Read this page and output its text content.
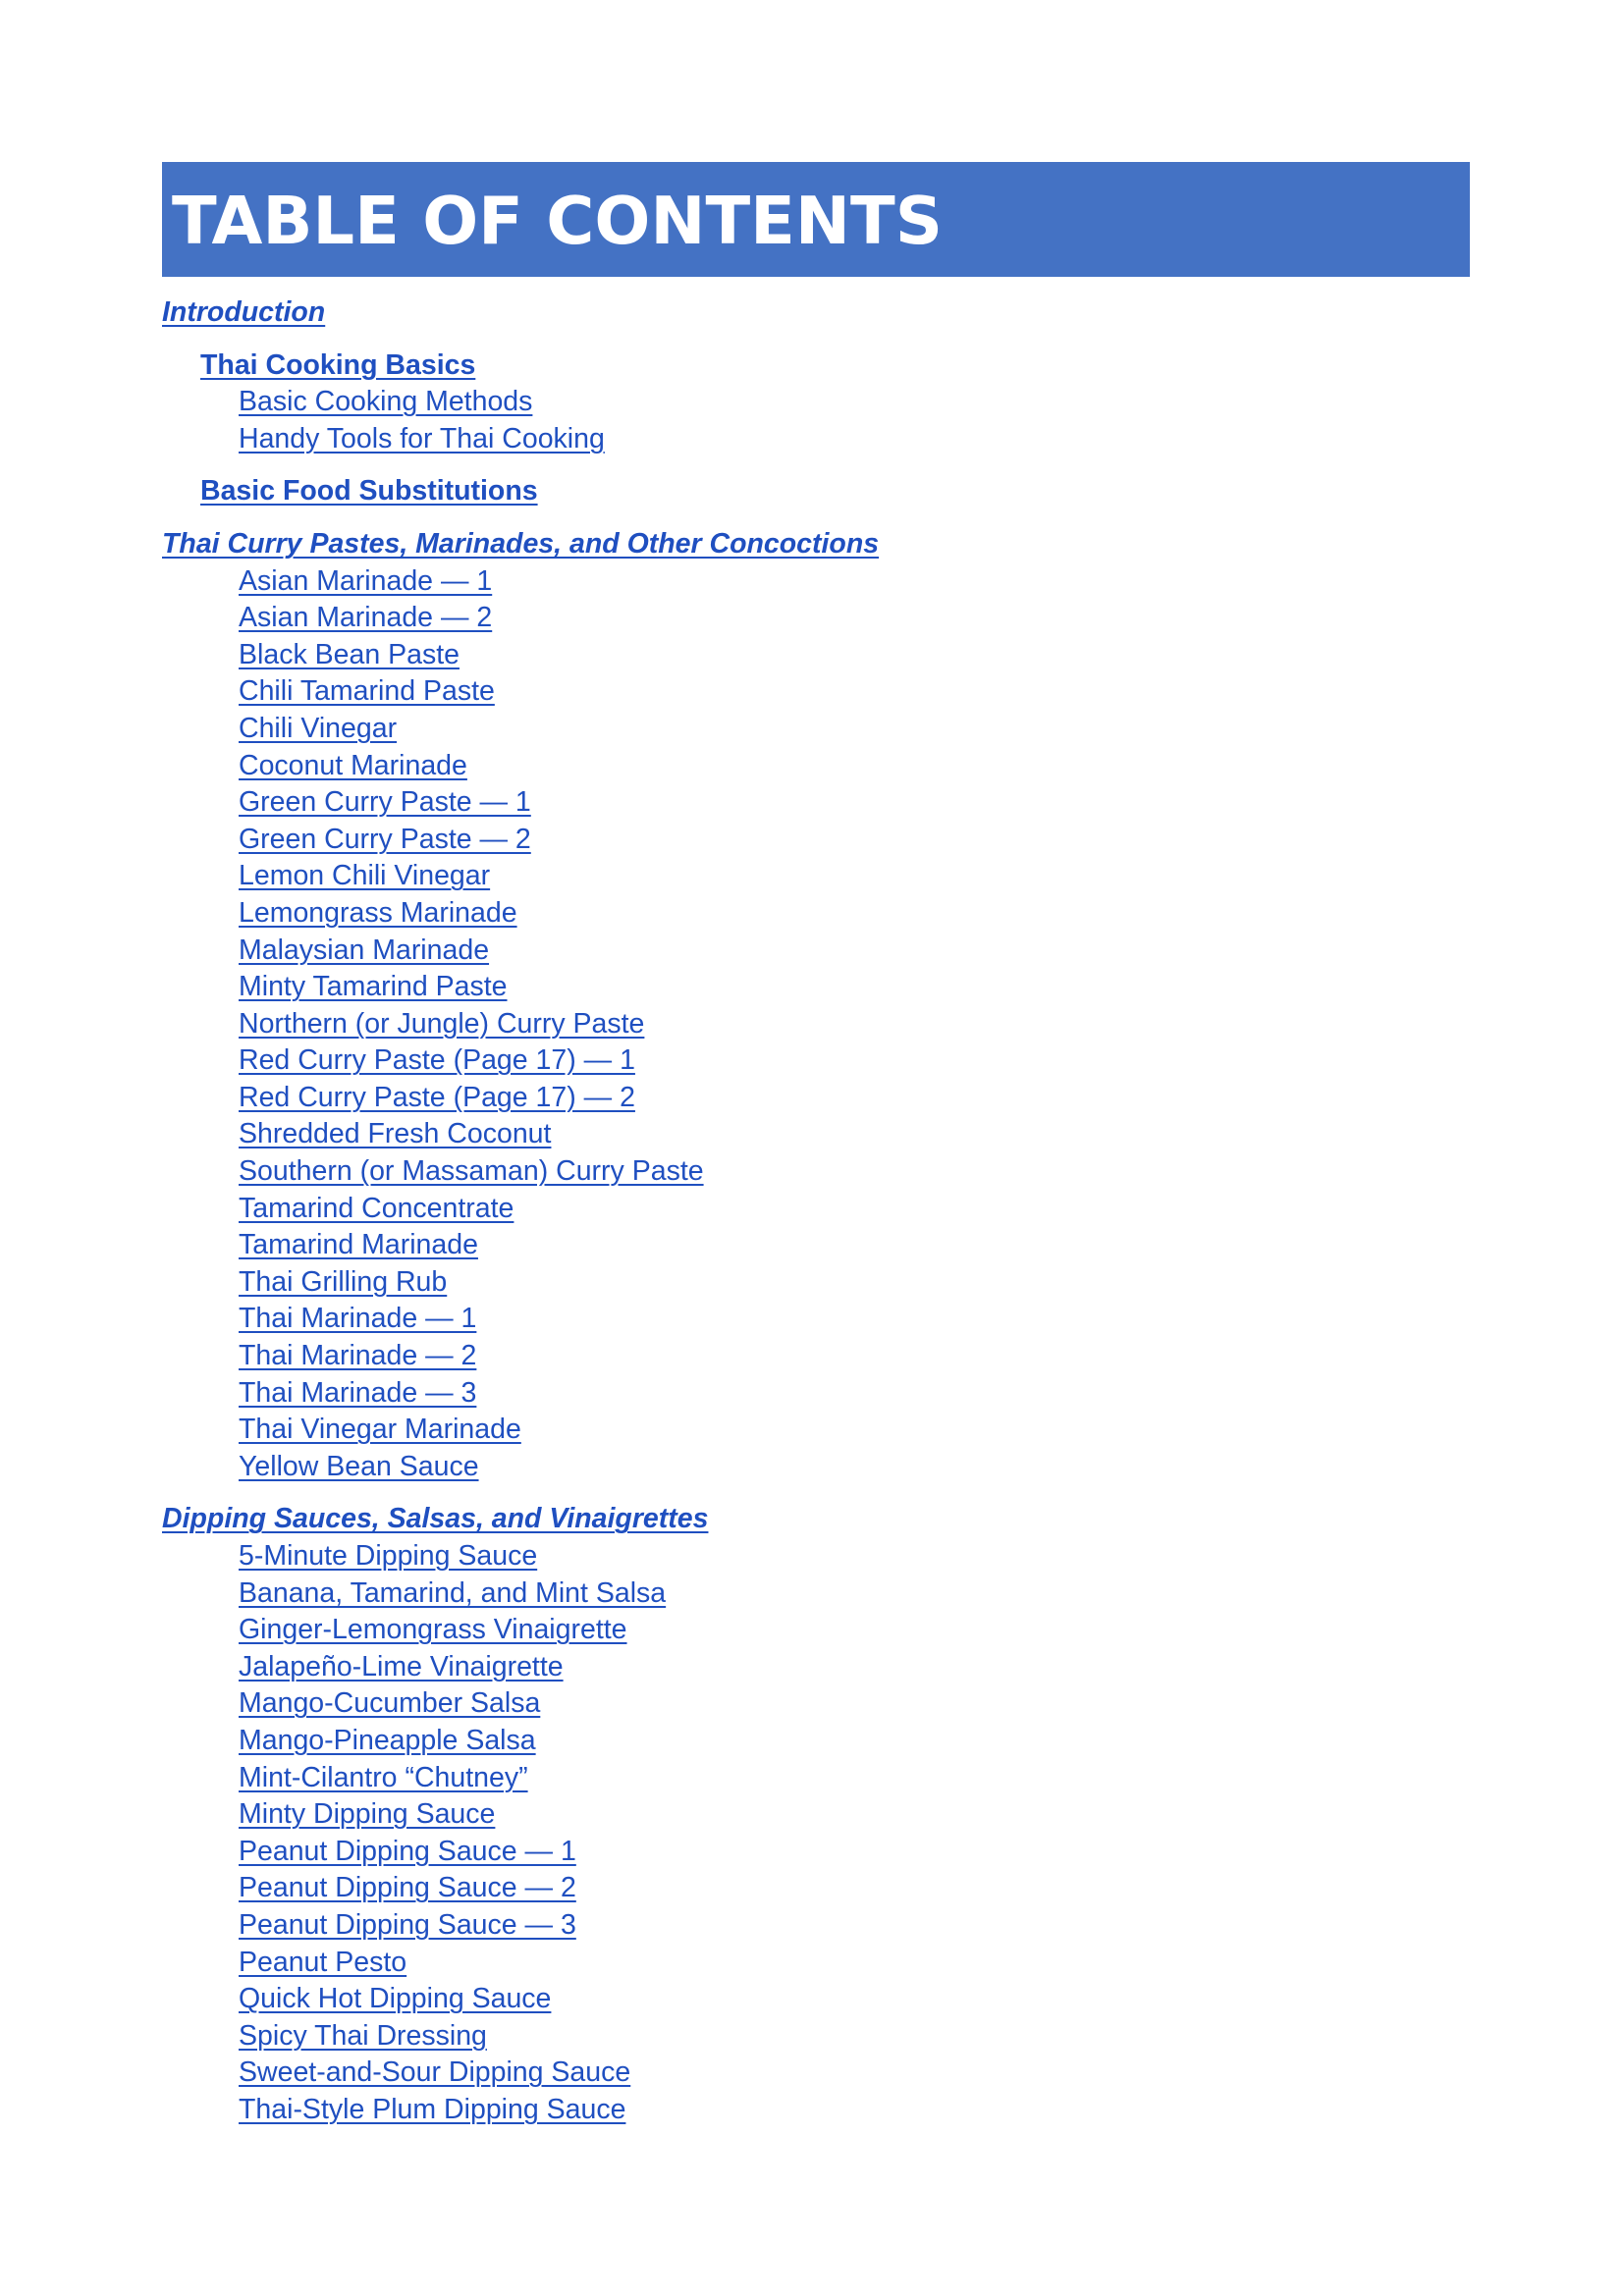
TABLE OF CONTENTS
Introduction
Thai Cooking Basics
Basic Cooking Methods
Handy Tools for Thai Cooking
Basic Food Substitutions
Thai Curry Pastes, Marinades, and Other Concoctions
Asian Marinade — 1
Asian Marinade — 2
Black Bean Paste
Chili Tamarind Paste
Chili Vinegar
Coconut Marinade
Green Curry Paste — 1
Green Curry Paste — 2
Lemon Chili Vinegar
Lemongrass Marinade
Malaysian Marinade
Minty Tamarind Paste
Northern (or Jungle) Curry Paste
Red Curry Paste (Page 17) — 1
Red Curry Paste (Page 17) — 2
Shredded Fresh Coconut
Southern (or Massaman) Curry Paste
Tamarind Concentrate
Tamarind Marinade
Thai Grilling Rub
Thai Marinade — 1
Thai Marinade — 2
Thai Marinade — 3
Thai Vinegar Marinade
Yellow Bean Sauce
Dipping Sauces, Salsas, and Vinaigrettes
5-Minute Dipping Sauce
Banana, Tamarind, and Mint Salsa
Ginger-Lemongrass Vinaigrette
Jalapeño-Lime Vinaigrette
Mango-Cucumber Salsa
Mango-Pineapple Salsa
Mint-Cilantro “Chutney”
Minty Dipping Sauce
Peanut Dipping Sauce — 1
Peanut Dipping Sauce — 2
Peanut Dipping Sauce — 3
Peanut Pesto
Quick Hot Dipping Sauce
Spicy Thai Dressing
Sweet-and-Sour Dipping Sauce
Thai-Style Plum Dipping Sauce
